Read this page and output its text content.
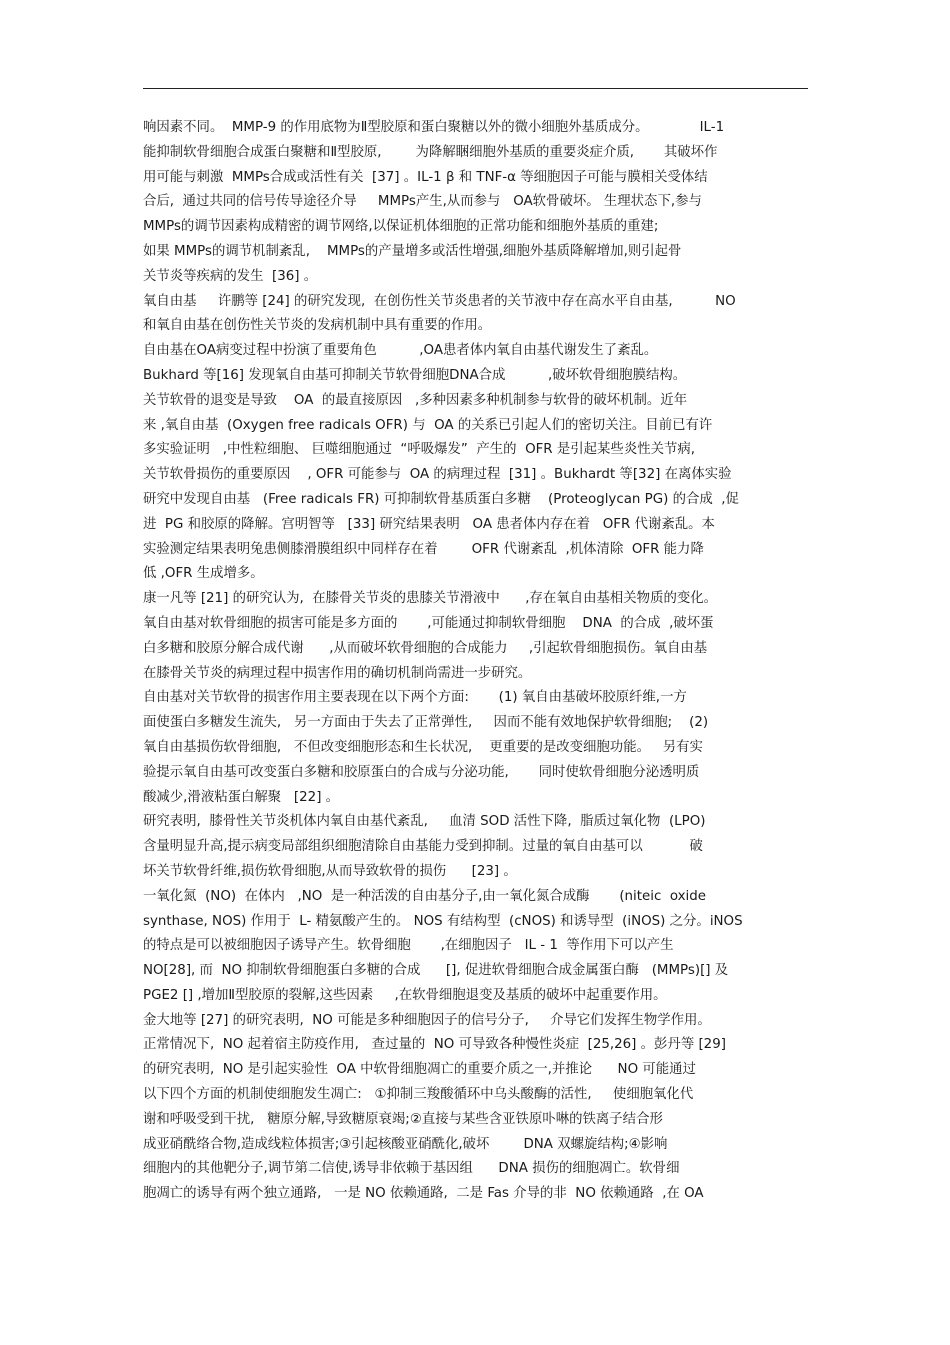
响因素不同。  MMP-9 的作用底物为Ⅱ型胶原和蛋白聚糖以外的微小细胞外基质成分。            IL-1
能抑制软骨细胞合成蛋白聚糖和Ⅱ型胶原,        为降解睏细胞外基质的重要炎症介质,       其破坏作
用可能与刺激  MMPs合成或活性有关  [37] 。IL-1 β 和 TNF-α 等细胞因子可能与膜相关受体结
合后,  通过共同的信号传导途径介导     MMPs产生,从而参与   OA软骨破坏。 生理状态下,参与
MMPs的调节因素构成精密的调节网络,以保证机体细胞的正常功能和细胞外基质的重建;
如果 MMPs的调节机制紊乱,    MMPs的产量增多或活性增强,细胞外基质降解增加,则引起骨
关节炎等疾病的发生  [36] 。
氧自由基     许鹏等 [24] 的研究发现,  在创伤性关节炎患者的关节液中存在高水平自由基,          NO
和氧自由基在创伤性关节炎的发病机制中具有重要的作用。
自由基在OA病变过程中扮演了重要角色          ,OA患者体内氧自由基代谢发生了紊乱。
Bukhard 等[16] 发现氧自由基可抑制关节软骨细胞DNA合成          ,破坏软骨细胞膜结构。
关节软骨的退变是导致    OA  的最直接原因   ,多种因素多种机制参与软骨的破坏机制。近年
来 ,氧自由基  (Oxygen free radicals OFR) 与  OA 的关系已引起人们的密切关注。目前已有许
多实验证明   ,中性粒细胞、 巨噬细胞通过  “呼吸爆发”  产生的  OFR 是引起某些炎性关节病,
关节软骨损伤的重要原因    , OFR 可能参与  OA 的病理过程  [31] 。Bukhardt 等[32] 在离体实验
研究中发现自由基   (Free radicals FR) 可抑制软骨基质蛋白多糖    (Proteoglycan PG) 的合成  ,促
进  PG 和胶原的降解。宫明智等   [33] 研究结果表明   OA 患者体内存在着   OFR 代谢紊乱。本
实验测定结果表明兔患侧膝滑膜组织中同样存在着        OFR 代谢紊乱  ,机体清除  OFR 能力降
低 ,OFR 生成增多。
康一凡等 [21] 的研究认为,  在膝骨关节炎的患膝关节滑液中      ,存在氧自由基相关物质的变化。
氧自由基对软骨细胞的损害可能是多方面的       ,可能通过抑制软骨细胞    DNA  的合成  ,破坏蛋
白多糖和胶原分解合成代谢      ,从而破坏软骨细胞的合成能力     ,引起软骨细胞损伤。氧自由基
在膝骨关节炎的病理过程中损害作用的确切机制尚需进一步研究。
自由基对关节软骨的损害作用主要表现在以下两个方面:       (1) 氧自由基破坏胶原纤维,一方
面使蛋白多糖发生流失,   另一方面由于失去了正常弹性,     因而不能有效地保护软骨细胞;    (2)
氧自由基损伤软骨细胞,   不但改变细胞形态和生长状况,    更重要的是改变细胞功能。   另有实
验提示氧自由基可改变蛋白多糖和胶原蛋白的合成与分泌功能,       同时使软骨细胞分泌透明质
酸减少,滑液粘蛋白解聚   [22] 。
研究表明,  膝骨性关节炎机体内氧自由基代紊乱,     血清 SOD 活性下降,  脂质过氧化物  (LPO)
含量明显升高,提示病变局部组织细胞清除自由基能力受到抑制。过量的氧自由基可以           破
坏关节软骨纤维,损伤软骨细胞,从而导致软骨的损伤      [23] 。
一氧化氮  (NO)  在体内   ,NO  是一种活泼的自由基分子,由一氧化氮合成酶       (niteic  oxide
synthase, NOS) 作用于  L- 精氨酸产生的。 NOS 有结构型  (cNOS) 和诱导型  (iNOS) 之分。iNOS
的特点是可以被细胞因子诱导产生。软骨细胞       ,在细胞因子   IL - 1  等作用下可以产生
NO[28], 而  NO 抑制软骨细胞蛋白多糖的合成      [], 促进软骨细胞合成金属蛋白酶   (MMPs)[] 及
PGE2 [] ,增加Ⅱ型胶原的裂解,这些因素     ,在软骨细胞退变及基质的破坏中起重要作用。
金大地等 [27] 的研究表明,  NO 可能是多种细胞因子的信号分子,     介导它们发挥生物学作用。
正常情况下,  NO 起着宿主防疫作用,   查过量的  NO 可导致各种慢性炎症  [25,26] 。彭丹等 [29]
的研究表明,  NO 是引起实验性  OA 中软骨细胞凋亡的重要介质之一,并推论      NO 可能通过
以下四个方面的机制使细胞发生凋亡:   ①抑制三羧酸循环中乌头酸酶的活性,     使细胞氧化代
谢和呼吸受到干扰,   糖原分解,导致糖原衰竭;②直接与某些含亚铁原卟啉的铁离子结合形
成亚硝酰络合物,造成线粒体损害;③引起核酸亚硝酰化,破坏        DNA 双螺旋结构;④影响
细胞内的其他靶分子,调节第二信使,诱导非依赖于基因组      DNA 损伤的细胞凋亡。软骨细
胞凋亡的诱导有两个独立通路,   一是 NO 依赖通路,  二是 Fas 介导的非  NO 依赖通路  ,在 OA
